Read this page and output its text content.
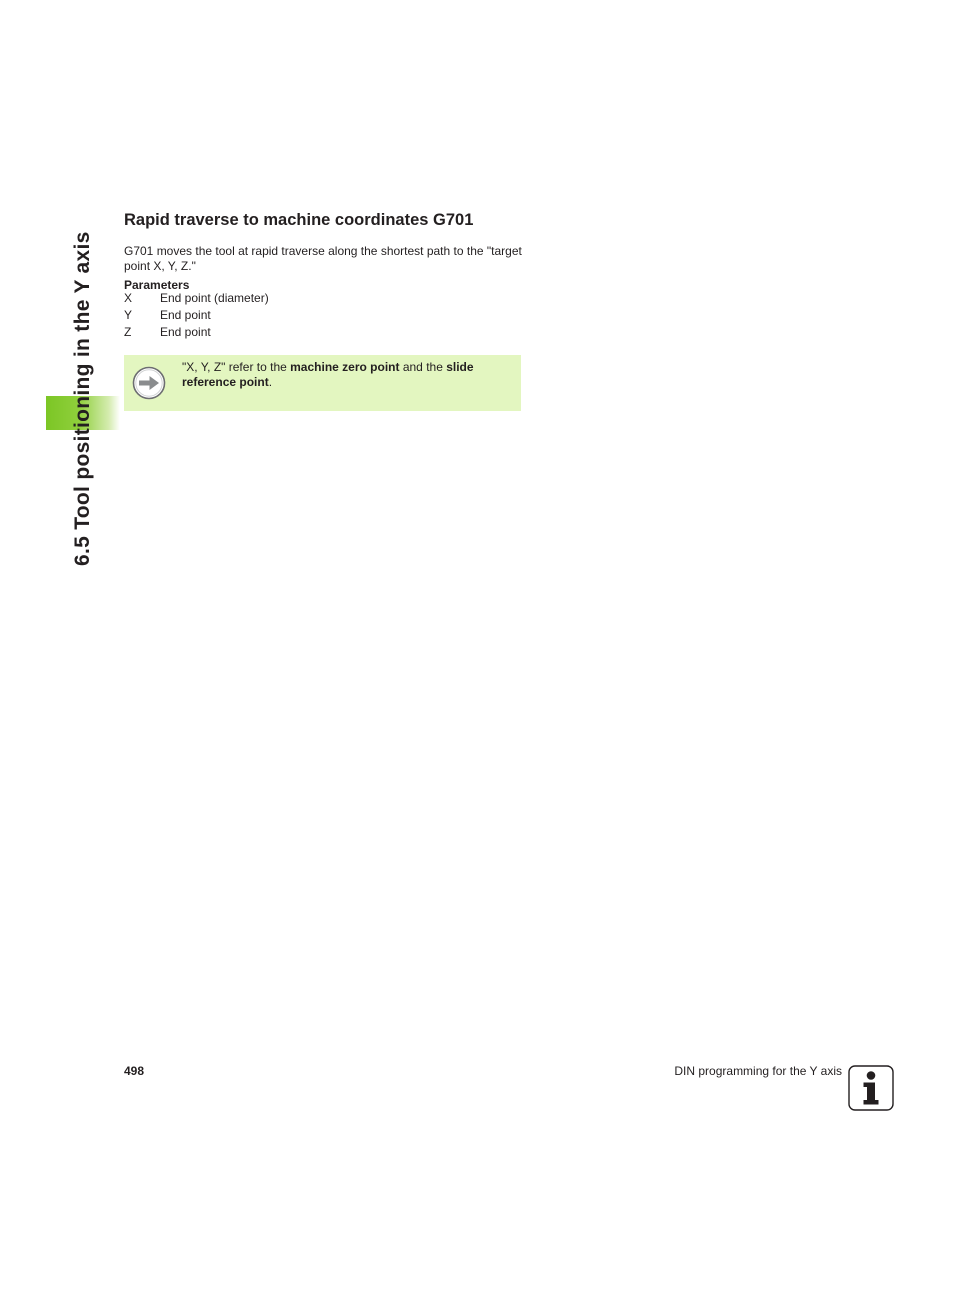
6.5 Tool positioning in the Y axis
Rapid traverse to machine coordinates G701

G701 moves the tool at rapid traverse along the shortest path to the "target point X, Y, Z."

Parameters
X End point (diameter)
Y End point
Z End point

"X, Y, Z" refer to the machine zero point and the slide reference point.

498	DIN programming for the Y axis
